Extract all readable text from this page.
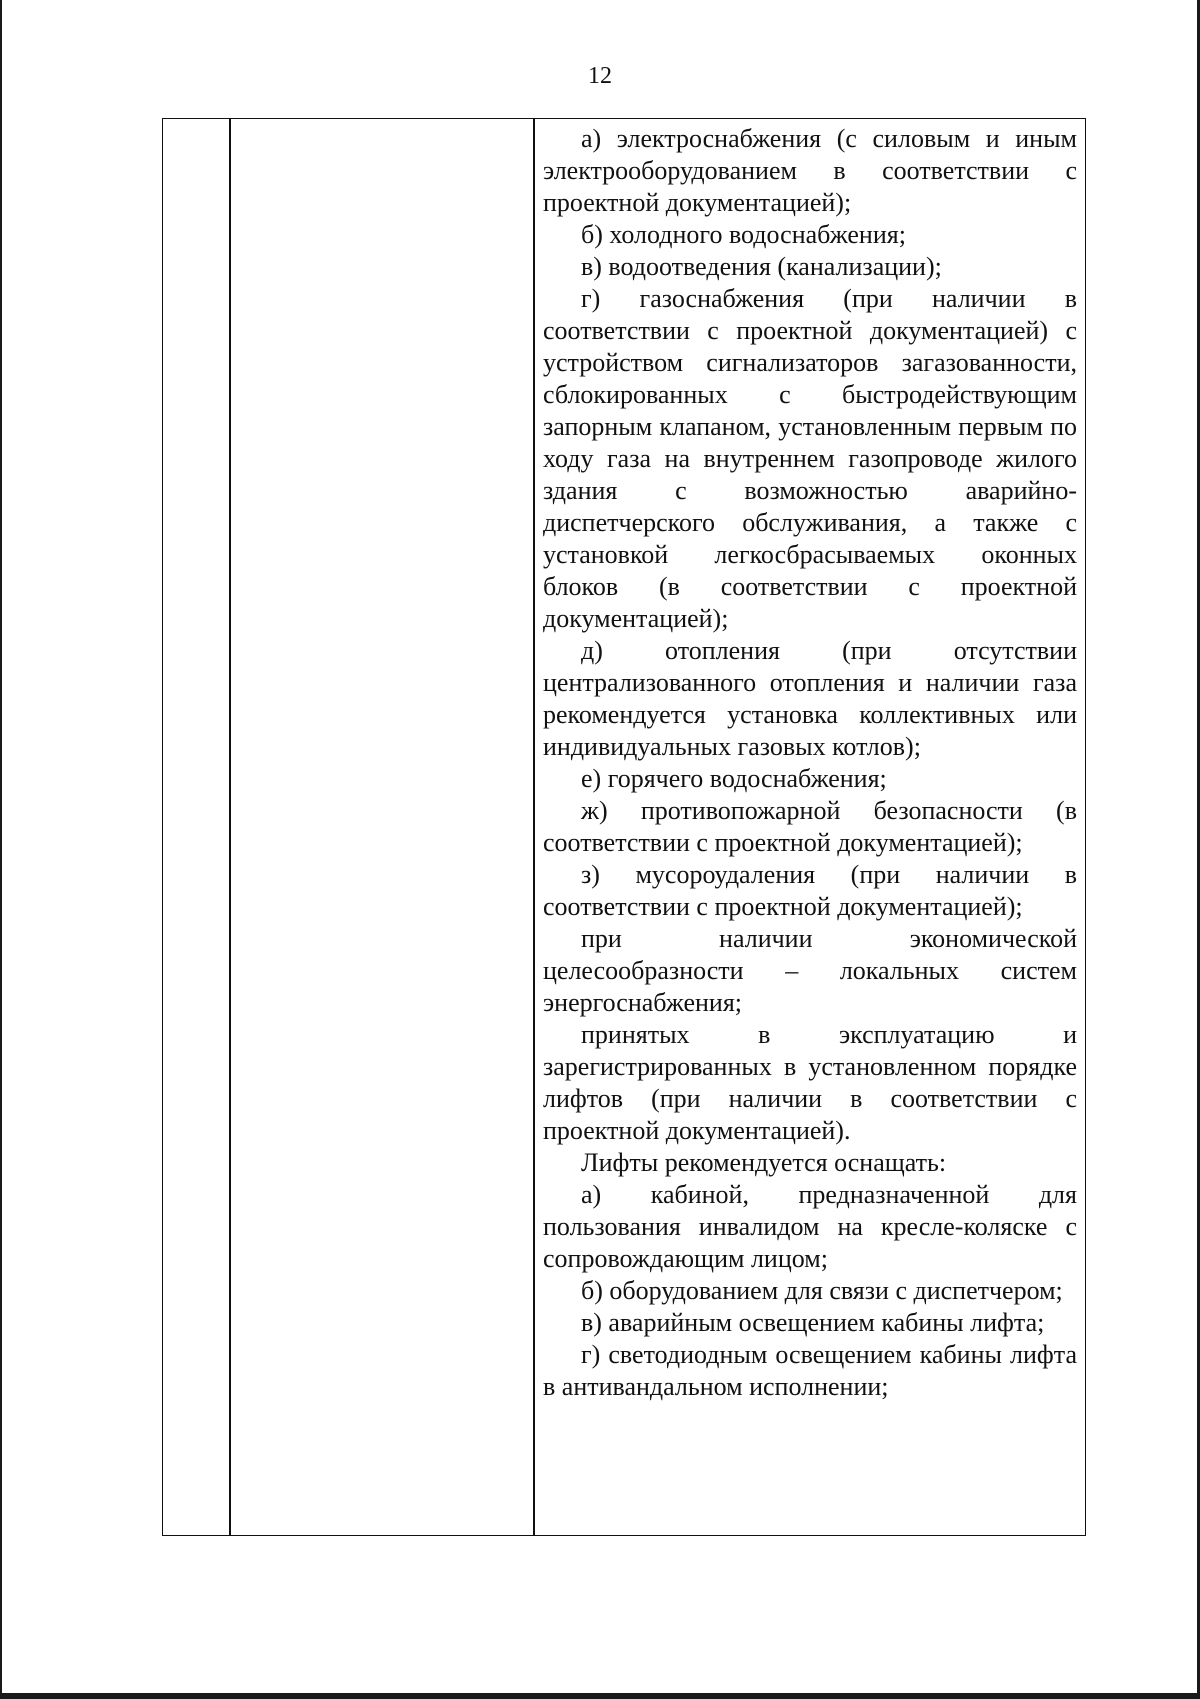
12

а) электроснабжения (с силовым и иным электрооборудованием в соответствии с проектной документацией);

б) холодного водоснабжения;

в) водоотведения (канализации);

г) газоснабжения (при наличии в соответствии с проектной документацией) с устройством сигнализаторов загазованности, сблокированных с быстродействующим запорным клапаном, установленным первым по ходу газа на внутреннем газопроводе жилого здания с возможностью аварийно-диспетчерского обслуживания, а также с установкой легкосбрасываемых оконных блоков (в соответствии с проектной документацией);

д) отопления (при отсутствии централизованного отопления и наличии газа рекомендуется установка коллективных или индивидуальных газовых котлов);

е) горячего водоснабжения;

ж) противопожарной безопасности (в соответствии с проектной документацией);

з) мусороудаления (при наличии в соответствии с проектной документацией);

при наличии экономической целесообразности – локальных систем энергоснабжения;

принятых в эксплуатацию и зарегистрированных в установленном порядке лифтов (при наличии в соответствии с проектной документацией).

Лифты рекомендуется оснащать:

а) кабиной, предназначенной для пользования инвалидом на кресле-коляске с сопровождающим лицом;

б) оборудованием для связи с диспетчером;

в) аварийным освещением кабины лифта;

г) светодиодным освещением кабины лифта в антивандальном исполнении;
